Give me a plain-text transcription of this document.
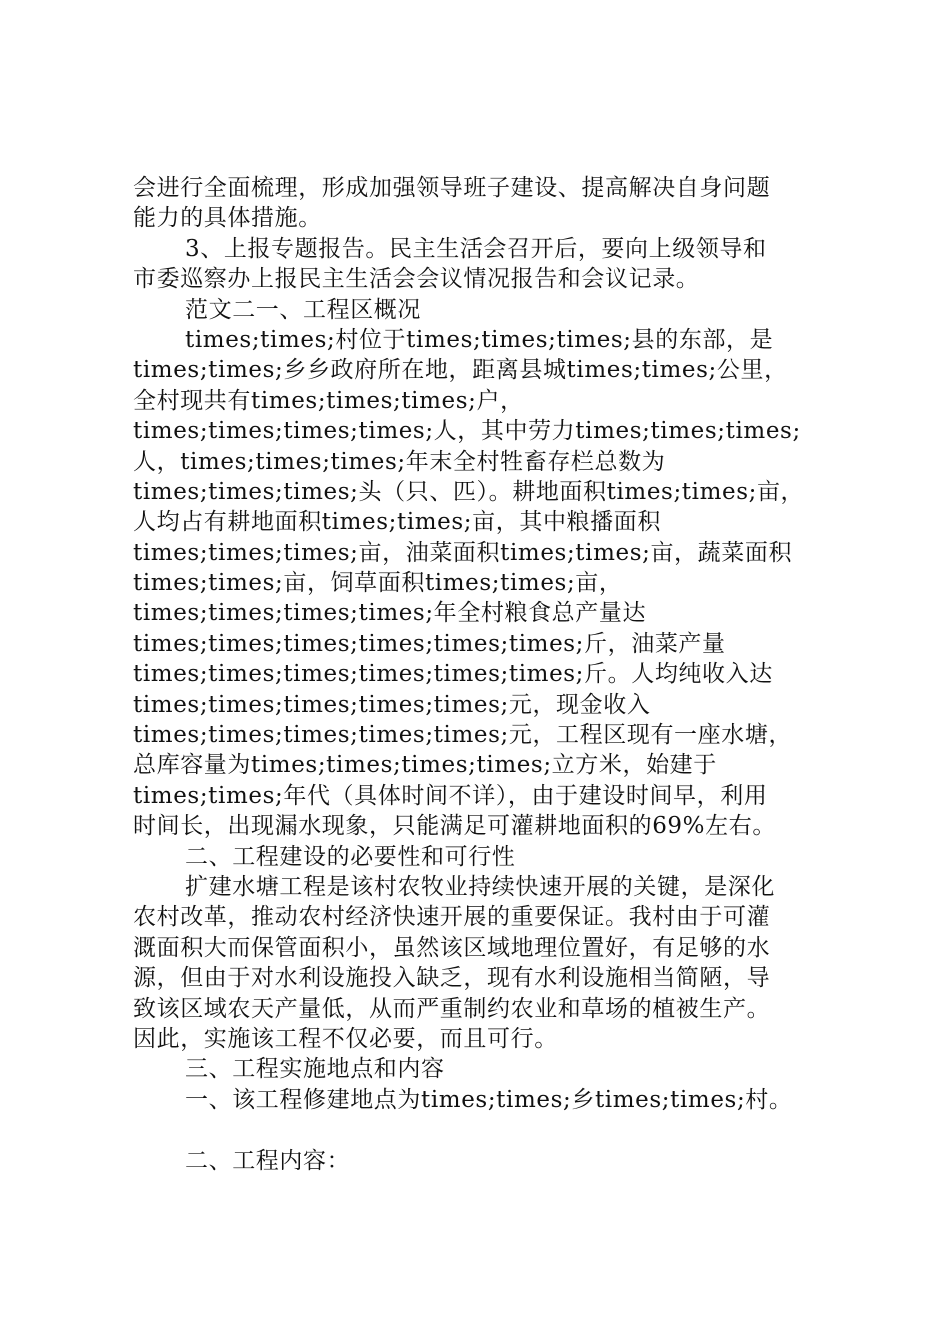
会进行全面梳理，形成加强领导班子建设、提高解决自身问题
能力的具体措施。
3、上报专题报告。民主生活会召开后，要向上级领导和
市委巡察办上报民主生活会会议情况报告和会议记录。
范文二一、工程区概况
times;times;村位于times;times;times;县的东部，是
times;times;乡乡政府所在地，距离县城times;times;公里，
全村现共有times;times;times;户，
times;times;times;times;人，其中劳力times;times;times;
人，times;times;times;年末全村牲畜存栏总数为
times;times;times;头（只、匹）。耕地面积times;times;亩，
人均占有耕地面积times;times;亩，其中粮播面积
times;times;times;亩，油菜面积times;times;亩，蔬菜面积
times;times;亩，饲草面积times;times;亩，
times;times;times;times;年全村粮食总产量达
times;times;times;times;times;times;斤，油菜产量
times;times;times;times;times;times;斤。人均纯收入达
times;times;times;times;times;元，现金收入
times;times;times;times;times;元，工程区现有一座水塘，
总库容量为times;times;times;times;立方米，始建于
times;times;年代（具体时间不详），由于建设时间早，利用
时间长，出现漏水现象，只能满足可灌耕地面积的69%左右。
二、工程建设的必要性和可行性
扩建水塘工程是该村农牧业持续快速开展的关键，是深化
农村改革，推动农村经济快速开展的重要保证。我村由于可灌
溉面积大而保管面积小，虽然该区域地理位置好，有足够的水
源，但由于对水利设施投入缺乏，现有水利设施相当简陋，导
致该区域农天产量低，从而严重制约农业和草场的植被生产。
因此，实施该工程不仅必要，而且可行。
三、工程实施地点和内容
一、该工程修建地点为times;times;乡times;times;村。
二、工程内容：
